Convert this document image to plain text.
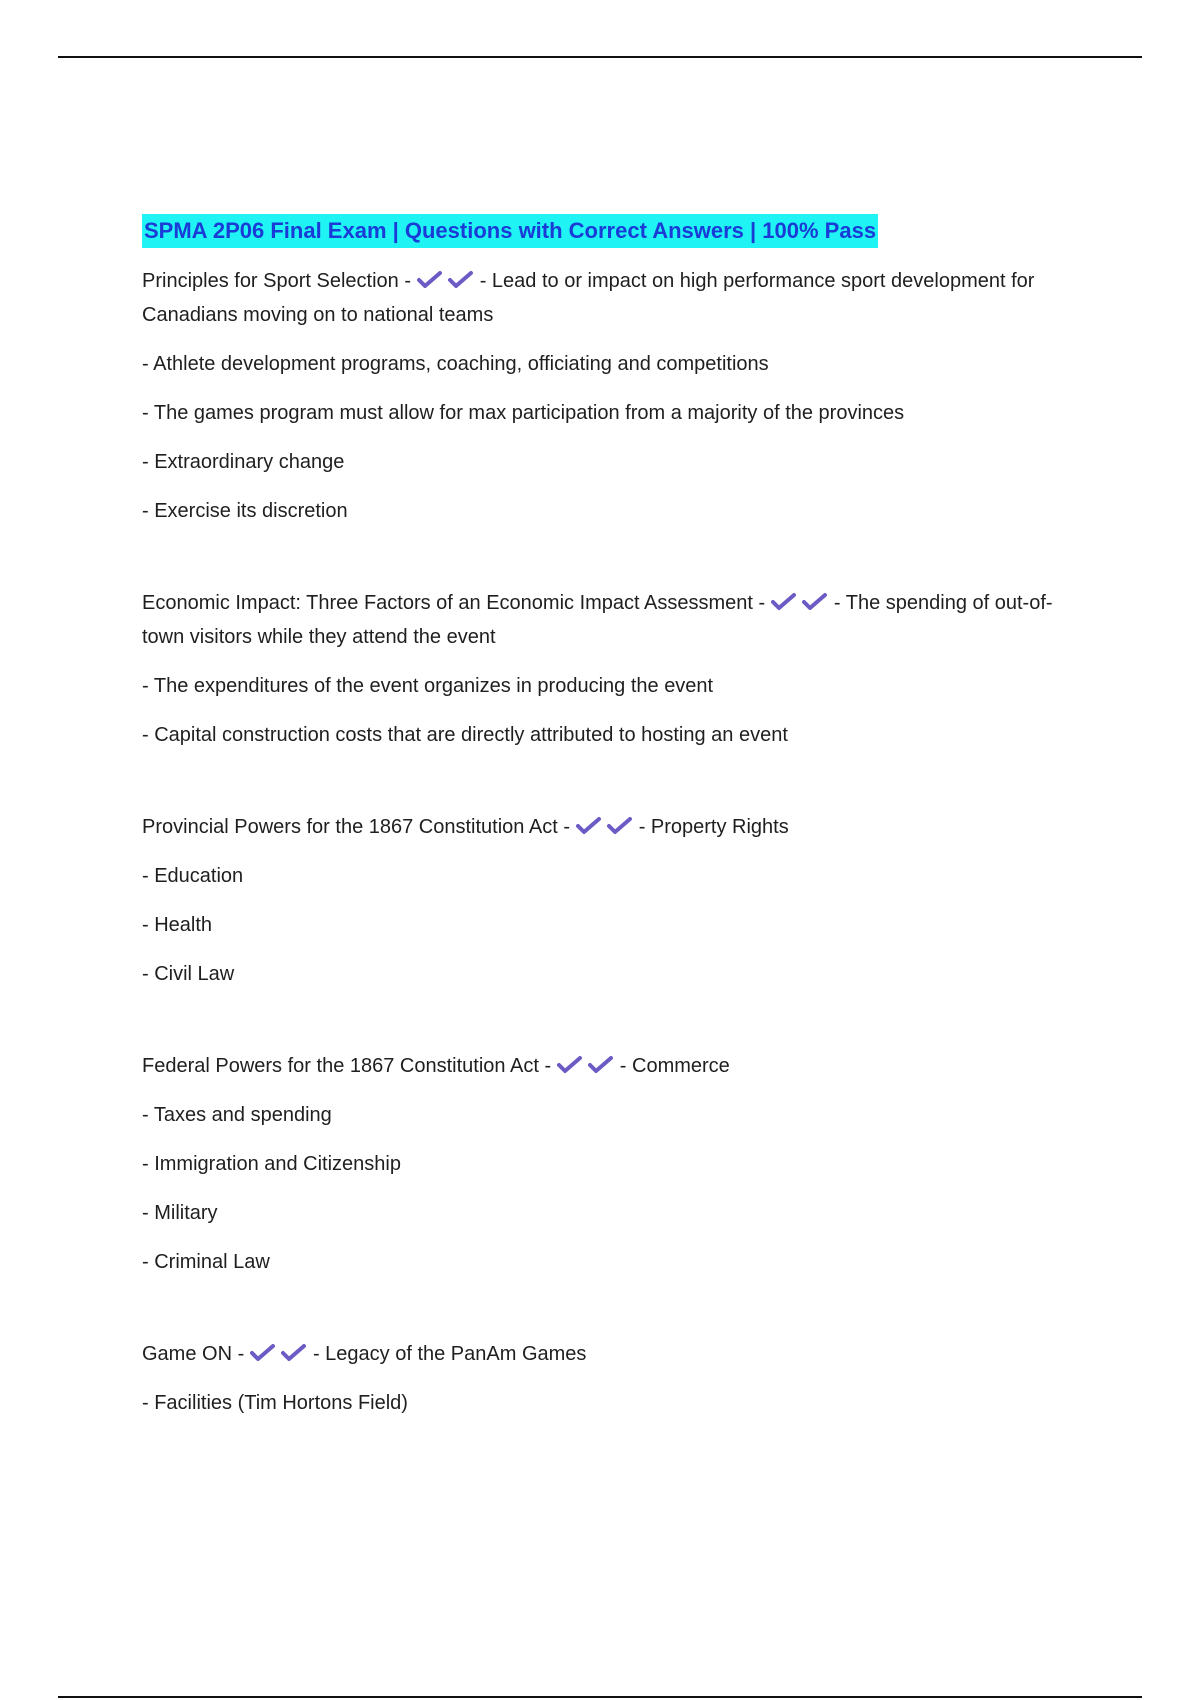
SPMA 2P06 Final Exam | Questions with Correct Answers | 100% Pass

Principles for Sport Selection -
	- Lead to or impact on high performance sport development for Canadians moving on to national teams

- Athlete development programs, coaching, officiating and competitions

- The games program must allow for max participation from a majority of the provinces

- Extraordinary change

- Exercise its discretion

Economic Impact: Three Factors of an Economic Impact Assessment -
	- The spending of out-of-town visitors while they attend the event

- The expenditures of the event organizes in producing the event

- Capital construction costs that are directly attributed to hosting an event

Provincial Powers for the 1867 Constitution Act -
	- Property Rights

- Education

- Health

- Civil Law

Federal Powers for the 1867 Constitution Act -
	- Commerce

- Taxes and spending

- Immigration and Citizenship

- Military

- Criminal Law

Game ON -
	- Legacy of the PanAm Games

- Facilities (Tim Hortons Field)
